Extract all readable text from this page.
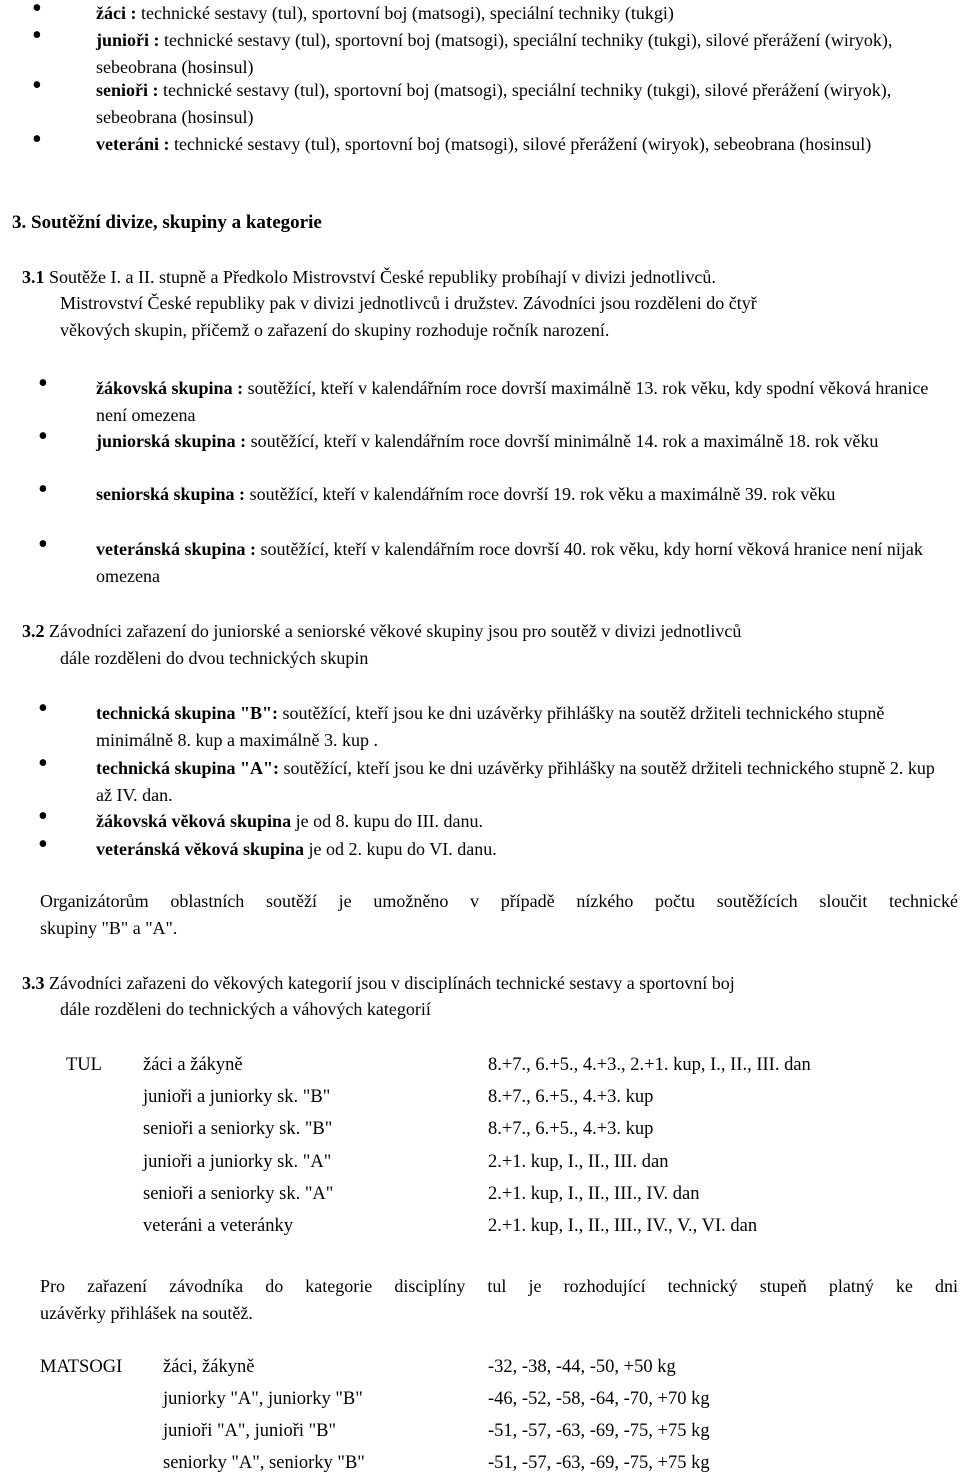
•	žáci : technické sestavy (tul), sportovní boj (matsogi), speciální techniky (tukgi)
•	junioři : technické sestavy (tul), sportovní boj (matsogi), speciální techniky (tukgi), silové přerážení (wiryok), sebeobrana (hosinsul)
•	senioři : technické sestavy (tul), sportovní boj (matsogi), speciální techniky (tukgi), silové přerážení (wiryok), sebeobrana (hosinsul)
•	veteráni : technické sestavy (tul), sportovní boj (matsogi), silové přerážení (wiryok), sebeobrana (hosinsul)
3. Soutěžní divize, skupiny a kategorie
3.1 Soutěže I. a II. stupně a Předkolo Mistrovství České republiky probíhají v divizi jednotlivců.
Mistrovství České republiky pak v divizi jednotlivců i družstev. Závodníci jsou rozděleni do čtyř
věkových skupin, přičemž o zařazení do skupiny rozhoduje ročník narození.
•	žákovská skupina : soutěžící, kteří v kalendářním roce dovrší maximálně 13. rok věku, kdy spodní věková hranice není omezena
•	juniorská skupina : soutěžící, kteří v kalendářním roce dovrší minimálně 14. rok a maximálně 18. rok věku
•	seniorská skupina : soutěžící, kteří v kalendářním roce dovrší 19. rok věku a maximálně 39. rok věku
•	veteránská skupina : soutěžící, kteří v kalendářním roce dovrší 40. rok věku, kdy horní věková hranice není nijak omezena
3.2 Závodníci zařazení do juniorské a seniorské věkové skupiny jsou pro soutěž v divizi jednotlivců
dále rozděleni do dvou technických skupin
•	technická skupina "B": soutěžící, kteří jsou ke dni uzávěrky přihlášky na soutěž držiteli technického stupně minimálně 8. kup a maximálně 3. kup .
•	technická skupina "A": soutěžící, kteří jsou ke dni uzávěrky přihlášky na soutěž držiteli technického stupně 2. kup až IV. dan.
•	žákovská věková skupina je od 8. kupu do III. danu.
•	veteránská věková skupina je od 2. kupu do VI. danu.
Organizátorům oblastních soutěží je umožněno v případě nízkého počtu soutěžících sloučit technické
skupiny "B" a "A".
3.3 Závodníci zařazeni do věkových kategorií jsou v disciplínách technické sestavy a sportovní boj
dále rozděleni do technických a váhových kategorií
TUL žáci a žákyně	8.+7., 6.+5., 4.+3., 2.+1. kup, I., II., III. dan
junioři a juniorky sk. "B"	8.+7., 6.+5., 4.+3. kup
senioři a seniorky sk. "B"	8.+7., 6.+5., 4.+3. kup
junioři a juniorky sk. "A"	2.+1. kup, I., II., III. dan
senioři a seniorky sk. "A"	2.+1. kup, I., II., III., IV. dan
veteráni a veteránky	2.+1. kup, I., II., III., IV., V., VI. dan
Pro zařazení závodníka do kategorie disciplíny tul je rozhodující technický stupeň platný ke dni
uzávěrky přihlášek na soutěž.
MATSOGI žáci, žákyně	-32, -38, -44, -50, +50 kg
juniorky "A", juniorky "B"	-46, -52, -58, -64, -70, +70 kg
junioři "A", junioři "B"	-51, -57, -63, -69, -75, +75 kg
seniorky "A", seniorky "B"	-51, -57, -63, -69, -75, +75 kg
